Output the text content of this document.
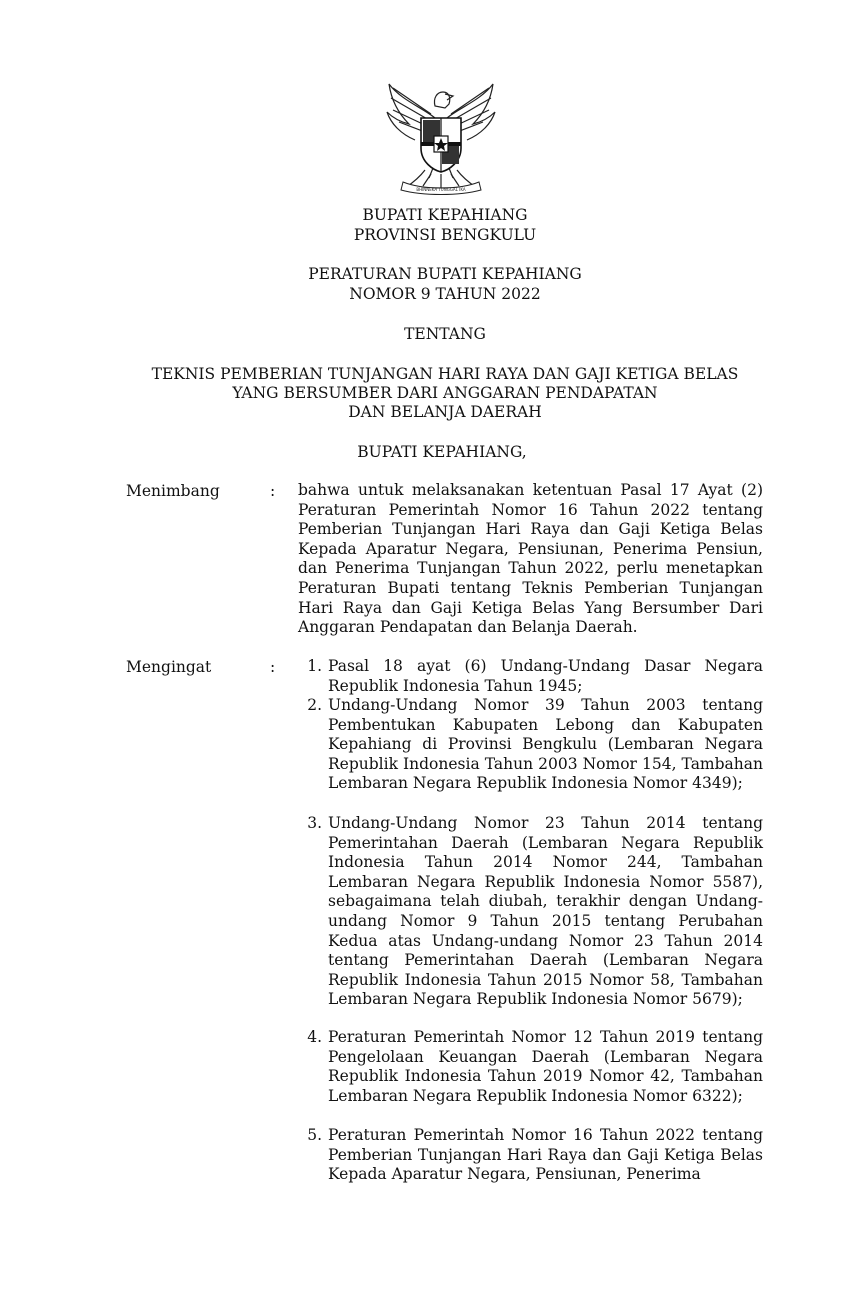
BHINNEKA TUNGGAL IKA
BUPATI KEPAHIANG
PROVINSI BENGKULU
PERATURAN BUPATI KEPAHIANG
NOMOR 9 TAHUN 2022
TENTANG
TEKNIS PEMBERIAN TUNJANGAN HARI RAYA DAN GAJI KETIGA BELAS
YANG BERSUMBER DARI ANGGARAN PENDAPATAN
DAN BELANJA DAERAH
BUPATI KEPAHIANG,
Menimbang	: bahwa untuk melaksanakan ketentuan Pasal 17 Ayat (2) Peraturan Pemerintah Nomor 16 Tahun 2022 tentang Pemberian Tunjangan Hari Raya dan Gaji Ketiga Belas Kepada Aparatur Negara, Pensiunan, Penerima Pensiun, dan Penerima Tunjangan Tahun 2022, perlu menetapkan Peraturan Bupati tentang Teknis Pemberian Tunjangan Hari Raya dan Gaji Ketiga Belas Yang Bersumber Dari Anggaran Pendapatan dan Belanja Daerah.
Mengingat	:	1. Pasal 18 ayat (6) Undang-Undang Dasar Negara Republik Indonesia Tahun 1945;
2. Undang-Undang Nomor 39 Tahun 2003 tentang Pembentukan Kabupaten Lebong dan Kabupaten Kepahiang di Provinsi Bengkulu (Lembaran Negara Republik Indonesia Tahun 2003 Nomor 154, Tambahan Lembaran Negara Republik Indonesia Nomor 4349);
3. Undang-Undang Nomor 23 Tahun 2014 tentang Pemerintahan Daerah (Lembaran Negara Republik Indonesia Tahun 2014 Nomor 244, Tambahan Lembaran Negara Republik Indonesia Nomor 5587), sebagaimana telah diubah, terakhir dengan Undang-undang Nomor 9 Tahun 2015 tentang Perubahan Kedua atas Undang-undang Nomor 23 Tahun 2014 tentang Pemerintahan Daerah (Lembaran Negara Republik Indonesia Tahun 2015 Nomor 58, Tambahan Lembaran Negara Republik Indonesia Nomor 5679);
4. Peraturan Pemerintah Nomor 12 Tahun 2019 tentang Pengelolaan Keuangan Daerah (Lembaran Negara Republik Indonesia Tahun 2019 Nomor 42, Tambahan Lembaran Negara Republik Indonesia Nomor 6322);
5. Peraturan Pemerintah Nomor 16 Tahun 2022 tentang Pemberian Tunjangan Hari Raya dan Gaji Ketiga Belas Kepada Aparatur Negara, Pensiunan, Penerima
